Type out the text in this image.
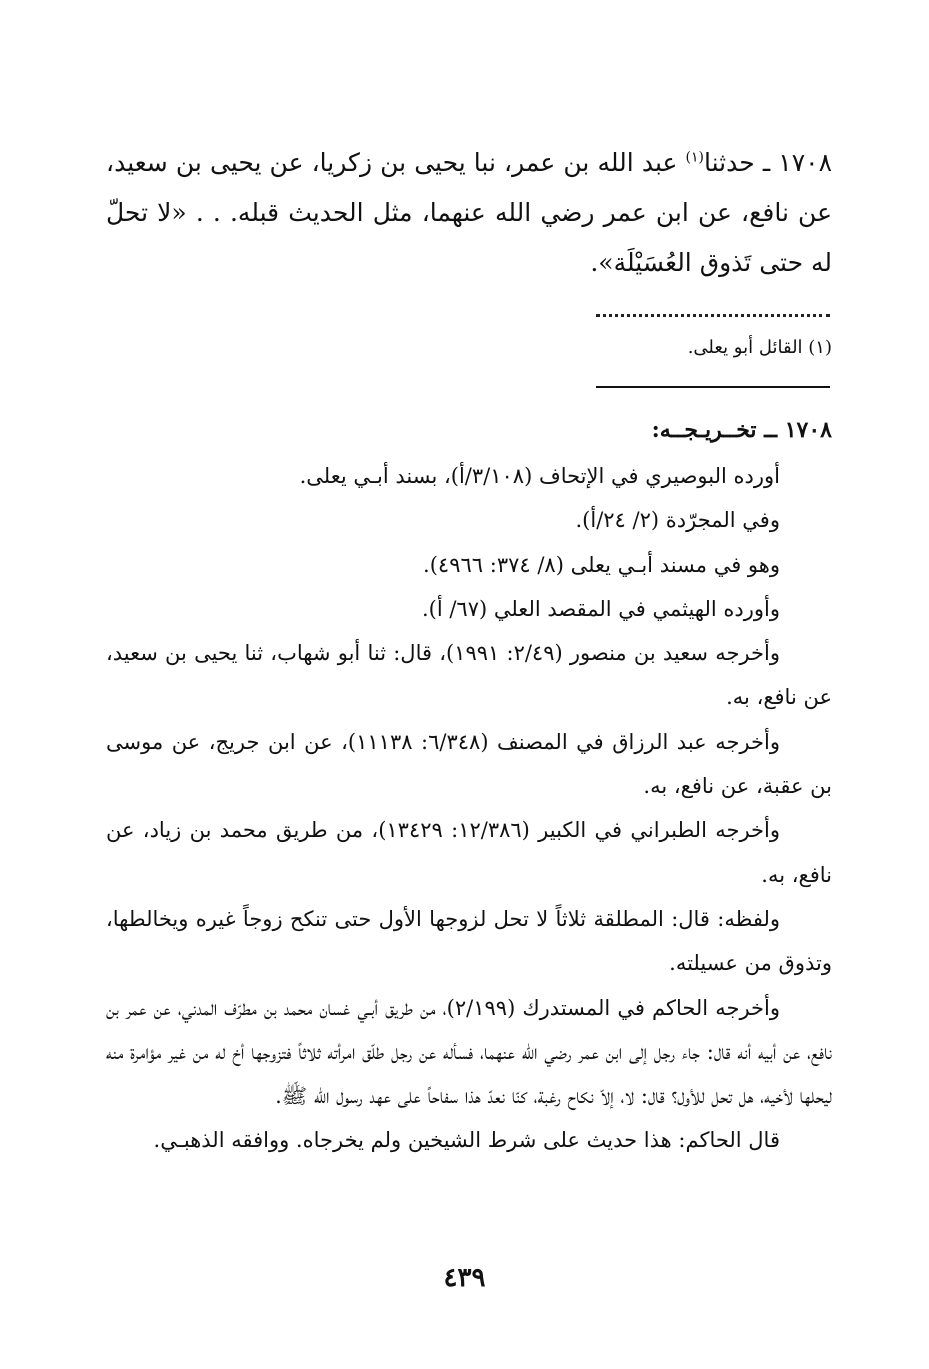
١٧٠٨ ـ حدثنا$^{(١)}$ عبد الله بن عمر، نبا يحيى بن زكريا، عن يحيى بن سعيد، عن نافع، عن ابن عمر رضي الله عنهما، مثل الحديث قبله. . . «لا تحلّ له حتى تَذوق العُسَيْلَة».

(١) القائل أبو يعلى.

١٧٠٨ ــ تخــريـجــه:

أورده البوصيري في الإتحاف (٣/١٠٨/أ)، بسند أبـي يعلى.

وفي المجرّدة (٢/ ٢٤/أ).

وهو في مسند أبـي يعلى (٨/ ٣٧٤: ٤٩٦٦).

وأورده الهيثمي في المقصد العلي (٦٧/ أ).

وأخرجه سعيد بن منصور (٢/٤٩: ١٩٩١)، قال: ثنا أبو شهاب، ثنا يحيى بن سعيد، عن نافع، به.

وأخرجه عبد الرزاق في المصنف (٦/٣٤٨: ١١١٣٨)، عن ابن جريج، عن موسى بن عقبة، عن نافع، به.

وأخرجه الطبراني في الكبير (١٢/٣٨٦: ١٣٤٢٩)، من طريق محمد بن زياد، عن نافع، به.

ولفظه: قال: المطلقة ثلاثاً لا تحل لزوجها الأول حتى تنكح زوجاً غيره ويخالطها، وتذوق من عسيلته.

وأخرجه الحاكم في المستدرك (٢/١٩٩)، من طريق أبـي غسان محمد بن مطرّف المدني، عن عمر بن نافع، عن أبيه أنه قال: جاء رجل إلى ابن عمر رضي الله عنهما، فسأله عن رجل طلّق امرأته ثلاثاً فتزوجها أخ له من غير مؤامرة منه ليحلها لأخيه، هل تحل للأول؟ قال: لا، إلاّ نكاح رغبة، كنّا نعدّ هذا سفاحاً على عهد رسول الله ﷺ.

قال الحاكم: هذا حديث على شرط الشيخين ولم يخرجاه. ووافقه الذهبـي.

٤٣٩
